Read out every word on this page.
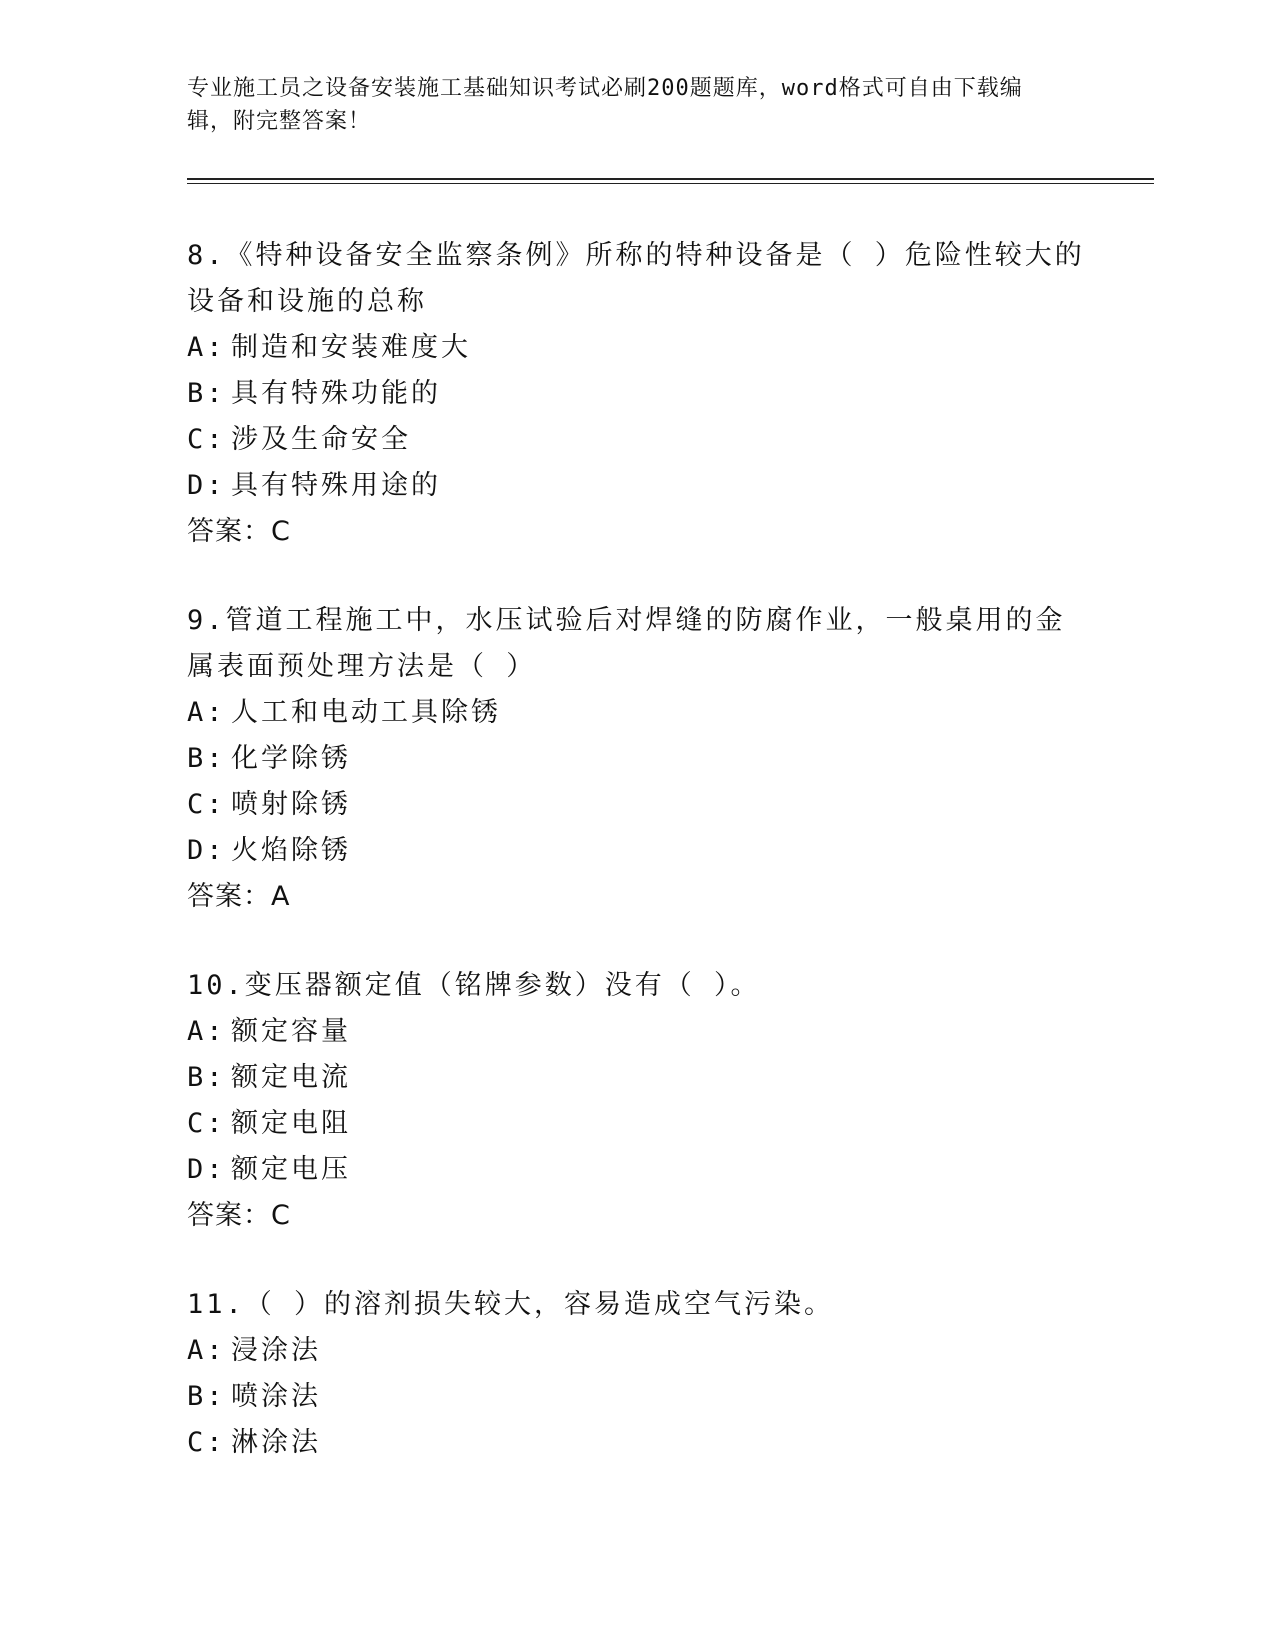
专业施工员之设备安装施工基础知识考试必刷200题题库，word格式可自由下载编辑，附完整答案！

8.《特种设备安全监察条例》所称的特种设备是（ ）危险性较大的设备和设施的总称

A: 制造和安装难度大

B: 具有特殊功能的

C: 涉及生命安全

D: 具有特殊用途的

答案：C

9.管道工程施工中，水压试验后对焊缝的防腐作业，一般桌用的金属表面预处理方法是（ ）

A: 人工和电动工具除锈

B: 化学除锈

C: 喷射除锈

D: 火焰除锈

答案：A

10.变压器额定值（铭牌参数）没有（ ）。

A: 额定容量

B: 额定电流

C: 额定电阻

D: 额定电压

答案：C

11.（ ）的溶剂损失较大，容易造成空气污染。

A: 浸涂法

B: 喷涂法

C: 淋涂法
